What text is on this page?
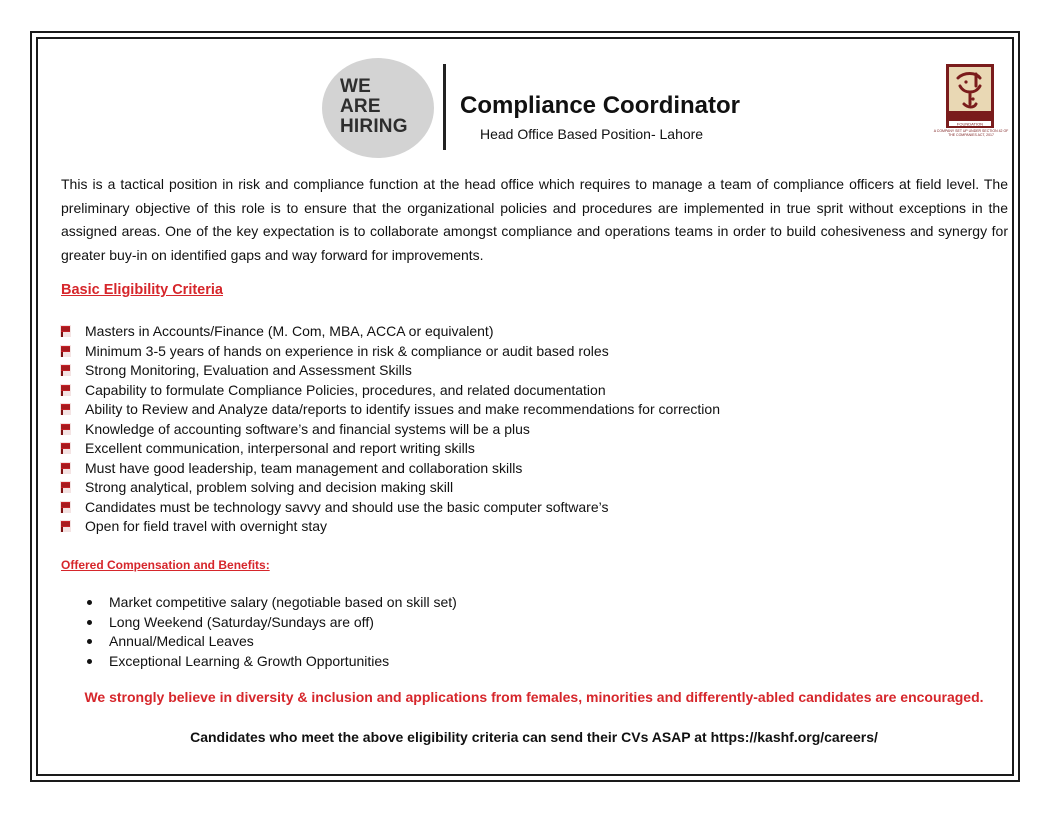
WE
ARE
HIRING
Compliance Coordinator
Head Office Based Position- Lahore
Kasht
FOUNDATION
A COMPANY SET UP UNDER SECTION 42 OF THE COMPANIES ACT, 2017

This is a tactical position in risk and compliance function at the head office which requires to manage a team of compliance officers at field level. The preliminary objective of this role is to ensure that the organizational policies and procedures are implemented in true sprit without exceptions in the assigned areas. One of the key expectation is to collaborate amongst compliance and operations teams in order to build cohesiveness and synergy for greater buy-in on identified gaps and way forward for improvements.

Basic Eligibility Criteria
Masters in Accounts/Finance (M. Com, MBA, ACCA or equivalent)
Minimum 3-5 years of hands on experience in risk & compliance or audit based roles
Strong Monitoring, Evaluation and Assessment Skills
Capability to formulate Compliance Policies, procedures, and related documentation
Ability to Review and Analyze data/reports to identify issues and make recommendations for correction
Knowledge of accounting software’s and financial systems will be a plus
Excellent communication, interpersonal and report writing skills
Must have good leadership, team management and collaboration skills
Strong analytical, problem solving and decision making skill
Candidates must be technology savvy and should use the basic computer software’s
Open for field travel with overnight stay
Offered Compensation and Benefits:
Market competitive salary (negotiable based on skill set)
Long Weekend (Saturday/Sundays are off)
Annual/Medical Leaves
Exceptional Learning & Growth Opportunities
We strongly believe in diversity & inclusion and applications from females, minorities and differently-abled candidates are encouraged.
Candidates who meet the above eligibility criteria can send their CVs ASAP at https://kashf.org/careers/
